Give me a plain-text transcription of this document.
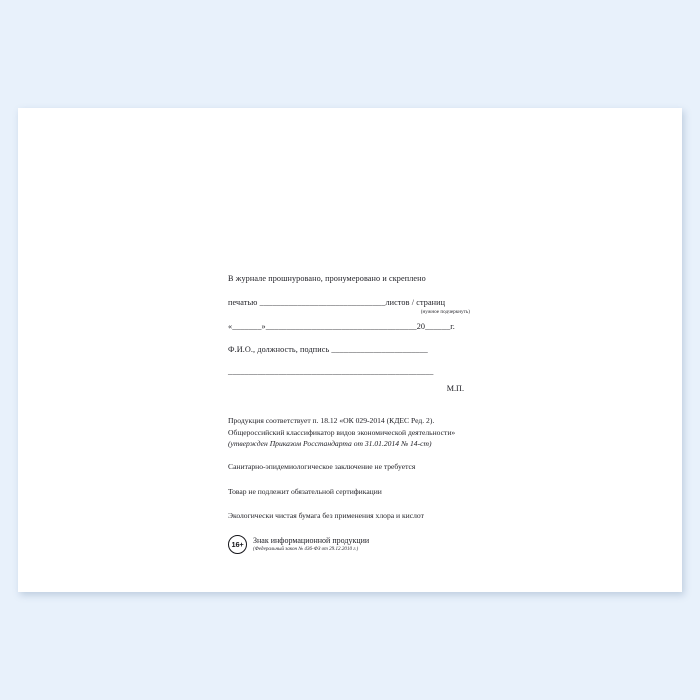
В журнале прошнуровано, пронумеровано и скреплено
печатью ______________________________листов / страниц
(нужное подчеркнуть)
«_______»____________________________________20______г.
Ф.И.О., должность, подпись _______________________
_________________________________________________
М.П.
Продукция соответствует п. 18.12 «ОК 029-2014 (КДЕС Ред. 2).
Общероссийский классификатор видов экономической деятельности»
(утвержден Приказом Росстандарта от 31.01.2014 № 14-ст)
Санитарно-эпидемиологическое заключение не требуется
Товар не подлежит обязательной сертификации
Экологически чистая бумага без применения хлора и кислот
16+	Знак информационной продукции
(Федеральный закон № 436-ФЗ от 29.12.2010 г.)
